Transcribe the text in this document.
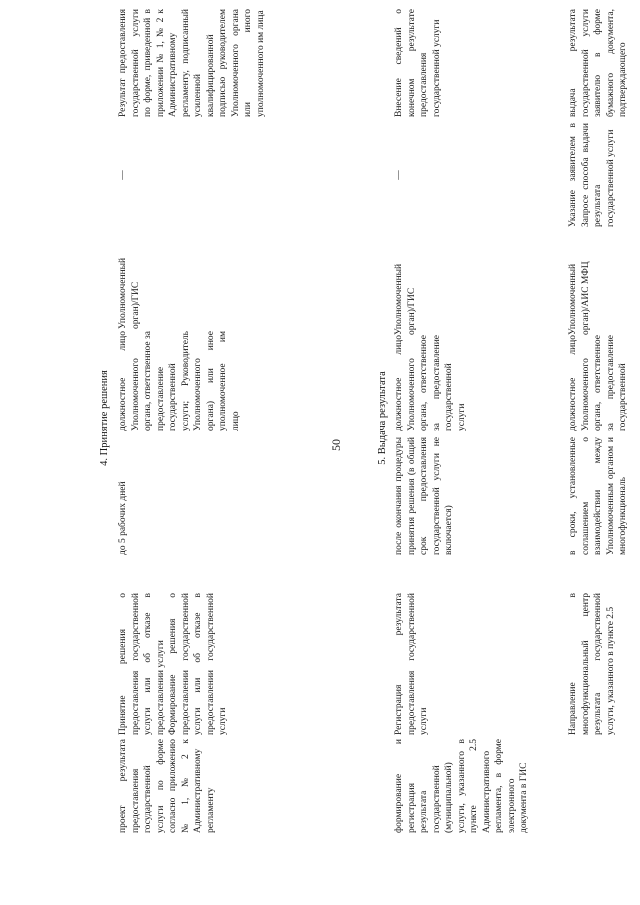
50
4. Принятие решения

проект результата предоставления государственной услуги по форме согласно приложению № 1, № 2 к Административному регламенту

Принятие решения о предоставления государственной услуги или об отказе в предоставлении услуги
Формирование решения о предоставлении государственной услуги или об отказе в предоставлении государственной услуги

до 5 рабочих дней

должностное лицо Уполномоченного органа, ответственное за предоставление государственной услуги; Руководитель Уполномоченного органа) или иное уполномоченное им лицо

Уполномоченный орган)/ГИС

—

Результат предоставления государственной услуги по форме, приведенной в приложении № 1, № 2 к Административному регламенту, подписанный усиленной квалифицированной подписью руководителем Уполномоченного органа или иного уполномоченного им лица

5. Выдача результата

формирование и регистрация результата государственной (муниципальной) услуги, указанного в пункте 2.5 Административного регламента, в форме электронного документа в ГИС

Регистрация результата предоставления государственной услуги

после окончания процедуры принятия решения (в общий срок предоставления государственной услуги не включается)

должностное лицо Уполномоченного органа, ответственное за предоставление государственной услуги

Уполномоченный орган)/ГИС

—

Внесение сведений о конечном результате предоставления государственной услуги

Направление в многофункциональный центр результата государственной услуги, указанного в пункте 2.5

в сроки, установленные соглашением о взаимодействии между Уполномоченным органом и многофункциональ

должностное лицо Уполномоченного органа, ответственное за предоставление государственной

Уполномоченный орган)/АИС МФЦ

Указание заявителем в Запросе способа выдачи результата государственной услуги

выдача результата государственной услуги заявителю в форме бумажного документа, подтверждающего
